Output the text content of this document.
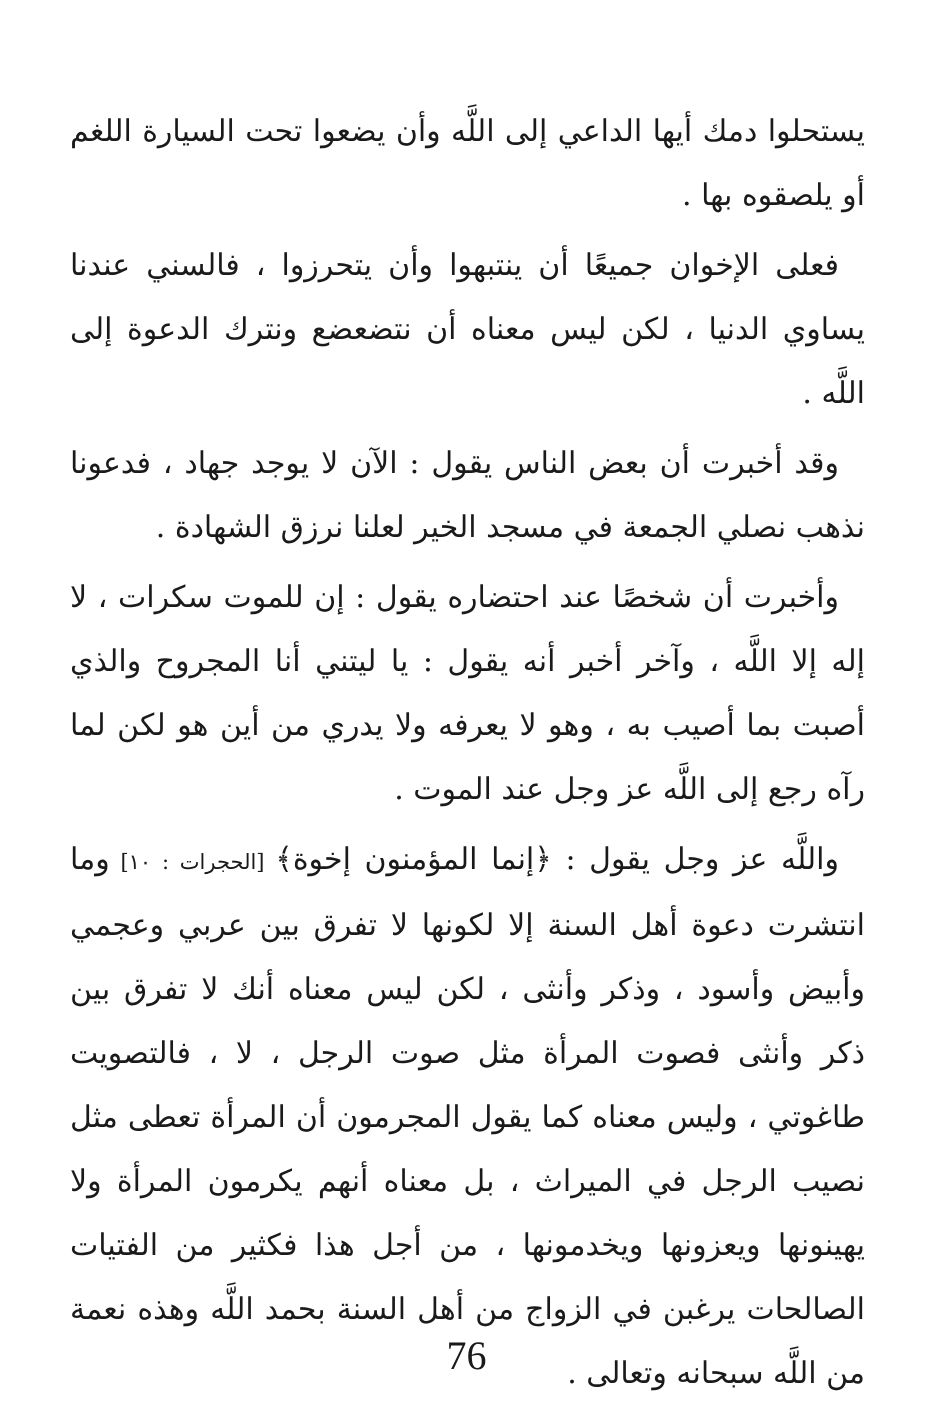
يستحلوا دمك أيها الداعي إلى اللَّه وأن يضعوا تحت السيارة اللغم أو يلصقوه بها .

فعلى الإخوان جميعًا أن ينتبهوا وأن يتحرزوا ، فالسني عندنا يساوي الدنيا ، لكن ليس معناه أن نتضعضع ونترك الدعوة إلى اللَّه .

وقد أخبرت أن بعض الناس يقول : الآن لا يوجد جهاد ، فدعونا نذهب نصلي الجمعة في مسجد الخير لعلنا نرزق الشهادة .

وأخبرت أن شخصًا عند احتضاره يقول : إن للموت سكرات ، لا إله إلا اللَّه ، وآخر أخبر أنه يقول : يا ليتني أنا المجروح والذي أصبت بما أصيب به ، وهو لا يعرفه ولا يدري من أين هو لكن لما رآه رجع إلى اللَّه عز وجل عند الموت .

واللَّه عز وجل يقول : ﴿إنما المؤمنون إخوة﴾ [الحجرات : ١٠] وما انتشرت دعوة أهل السنة إلا لكونها لا تفرق بين عربي وعجمي وأبيض وأسود ، وذكر وأنثى ، لكن ليس معناه أنك لا تفرق بين ذكر وأنثى فصوت المرأة مثل صوت الرجل ، لا ، فالتصويت طاغوتي ، وليس معناه كما يقول المجرمون أن المرأة تعطى مثل نصيب الرجل في الميراث ، بل معناه أنهم يكرمون المرأة ولا يهينونها ويعزونها ويخدمونها ، من أجل هذا فكثير من الفتيات الصالحات يرغبن في الزواج من أهل السنة بحمد اللَّه وهذه نعمة من اللَّه سبحانه وتعالى .

76
